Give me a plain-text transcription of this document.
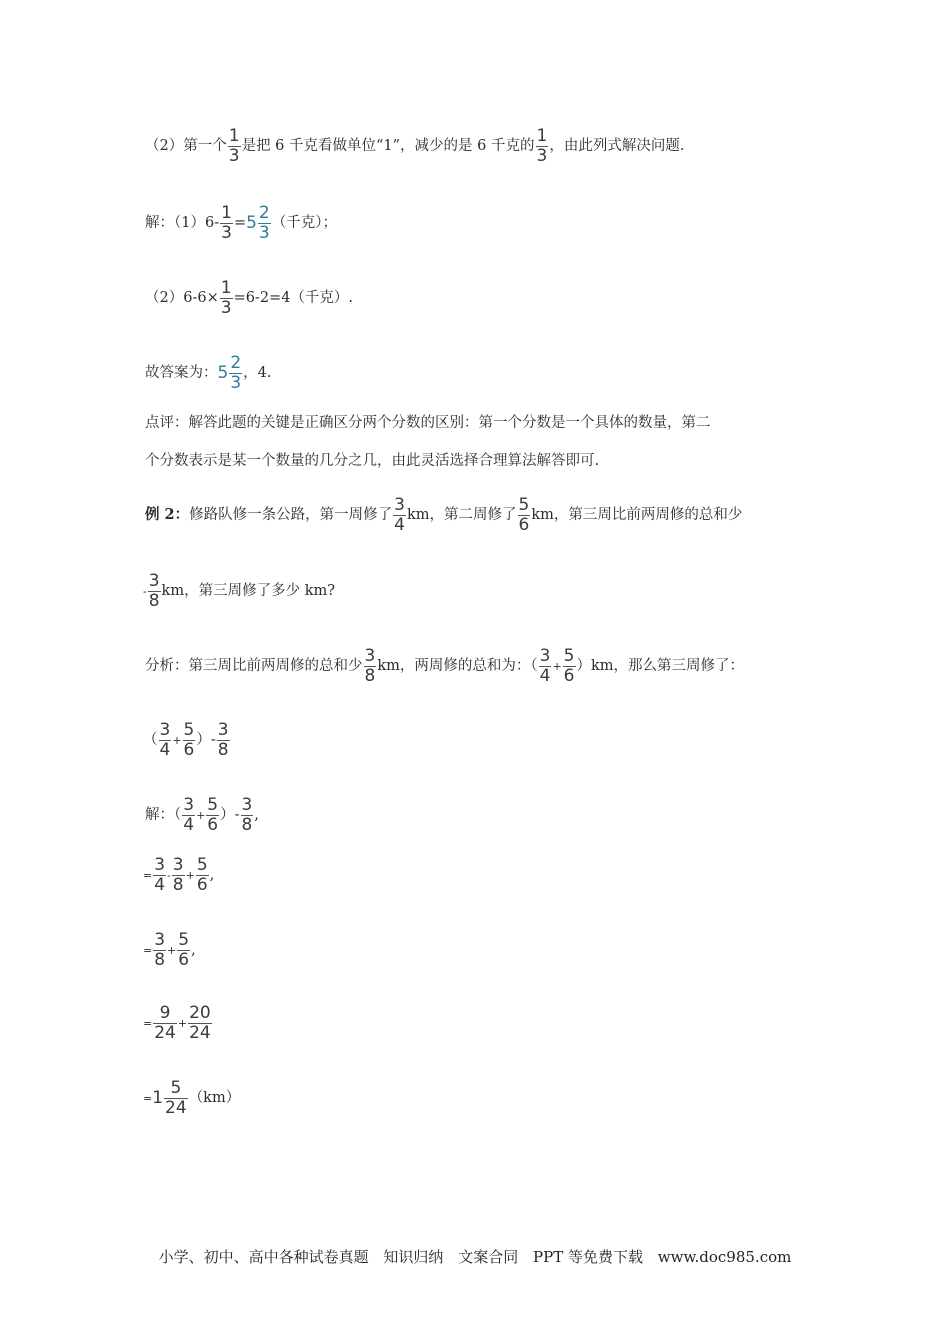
（2）第一个 $\frac{1}{3}$ 是把 6 千克看做单位“1”，减少的是 6 千克的 $\frac{1}{3}$ ，由此列式解决问题.
解：$(1)6- \frac{1}{3} = 5 \frac{2}{3}$ （千克）；
$(2)6-6\times \frac{1}{3} =6-2=4$（千克）.
故答案为： $5 \frac{2}{3}$ ，4.
点评：解答此题的关键是正确区分两个分数的区别：第一个分数是一个具体的数量，第二
个分数表示是某一个数量的几分之几，由此灵活选择合理算法解答即可.
例 2： 修路队修一条公路，第一周修了 $\frac{3}{4}$ km，第二周修了 $\frac{5}{6}$ km，第三周比前两周修的总和少
- $\frac{3}{8}$ km，第三周修了多少 km?
分析：第三周比前两周修的总和少 $\frac{3}{8}$ km，两周修的总和为：（ $\frac{3}{4} + \frac{5}{6} )km$，那么第三周修了：
（ $\frac{3}{4} + \frac{5}{6}$ ）- $\frac{3}{8}$
解：（ $\frac{3}{4} + \frac{5}{6}$ ）- $\frac{3}{8}$ ,
= $\frac{3}{4} - \frac{3}{8} + \frac{5}{6}$ ,
= $\frac{3}{8} + \frac{5}{6}$ ,
= $\frac{9}{24} + \frac{20}{24}$
= $1 \frac{5}{24} (km)$
小学、初中、高中各种试卷真题 知识归纳 文案合同 PPT 等免费下载 www.doc985.com
